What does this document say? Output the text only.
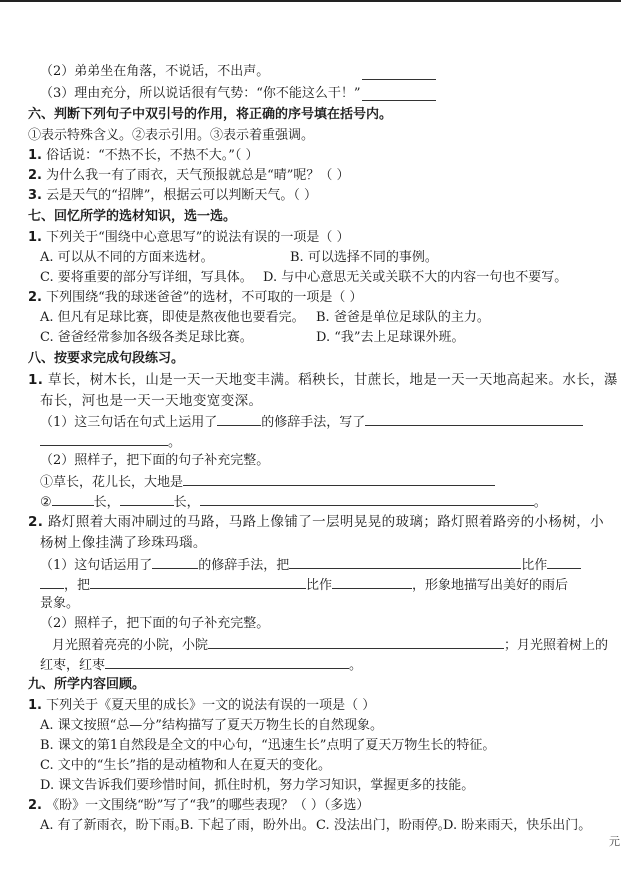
（2）弟弟坐在角落，不说话，不出声。
（3）理由充分，所以说话很有气势：“你不能这么干！”
六、判断下列句子中双引号的作用，将正确的序号填在括号内。
①表示特殊含义。②表示引用。③表示着重强调。
1. 俗话说：“不热不长，不热不大。”（ ）
2. 为什么我一有了雨衣，天气预报就总是“晴”呢？（ ）
3. 云是天气的“招牌”，根据云可以判断天气。（ ）
七、回忆所学的选材知识，选一选。
1. 下列关于“围绕中心意思写”的说法有误的一项是（ ）
A. 可以从不同的方面来选材。	B. 可以选择不同的事例。
C. 要将重要的部分写详细，写具体。 D. 与中心意思无关或关联不大的内容一句也不要写。
2. 下列围绕“我的球迷爸爸”的选材，不可取的一项是（ ）
A. 但凡有足球比赛，即使是熬夜他也要看完。 B. 爸爸是单位足球队的主力。
C. 爸爸经常参加各级各类足球比赛。	D. “我”去上足球课外班。
八、按要求完成句段练习。
1. 草长，树木长，山是一天一天地变丰满。稻秧长，甘蔗长，地是一天一天地高起来。水长，瀑
布长，河也是一天一天地变宽变深。
（1）这三句话在句式上运用了	的修辞手法，写了
。
（2）照样子，把下面的句子补充完整。
①草长，花儿长，大地是
②	长，	长，	。
2. 路灯照着大雨冲刷过的马路，马路上像铺了一层明晃晃的玻璃；路灯照着路旁的小杨树，小
杨树上像挂满了珍珠玛瑙。
（1）这句话运用了	的修辞手法，把	比作
，把	比作	，形象地描写出美好的雨后
景象。
（2）照样子，把下面的句子补充完整。
月光照着亮亮的小院，小院	；月光照着树上的
红枣，红枣	。
九、所学内容回顾。
1. 下列关于《夏天里的成长》一文的说法有误的一项是（ ）
A. 课文按照“总—分”结构描写了夏天万物生长的自然现象。
B. 课文的第1自然段是全文的中心句，“迅速生长”点明了夏天万物生长的特征。
C. 文中的“生长”指的是动植物和人在夏天的变化。
D. 课文告诉我们要珍惜时间，抓住时机，努力学习知识，掌握更多的技能。
2. 《盼》一文围绕“盼”写了“我”的哪些表现？（ ）（多选）
A. 有了新雨衣，盼下雨。
B. 下起了雨，盼外出。 C. 没法出门，盼雨停。
D. 盼来雨天，快乐出门。
元
